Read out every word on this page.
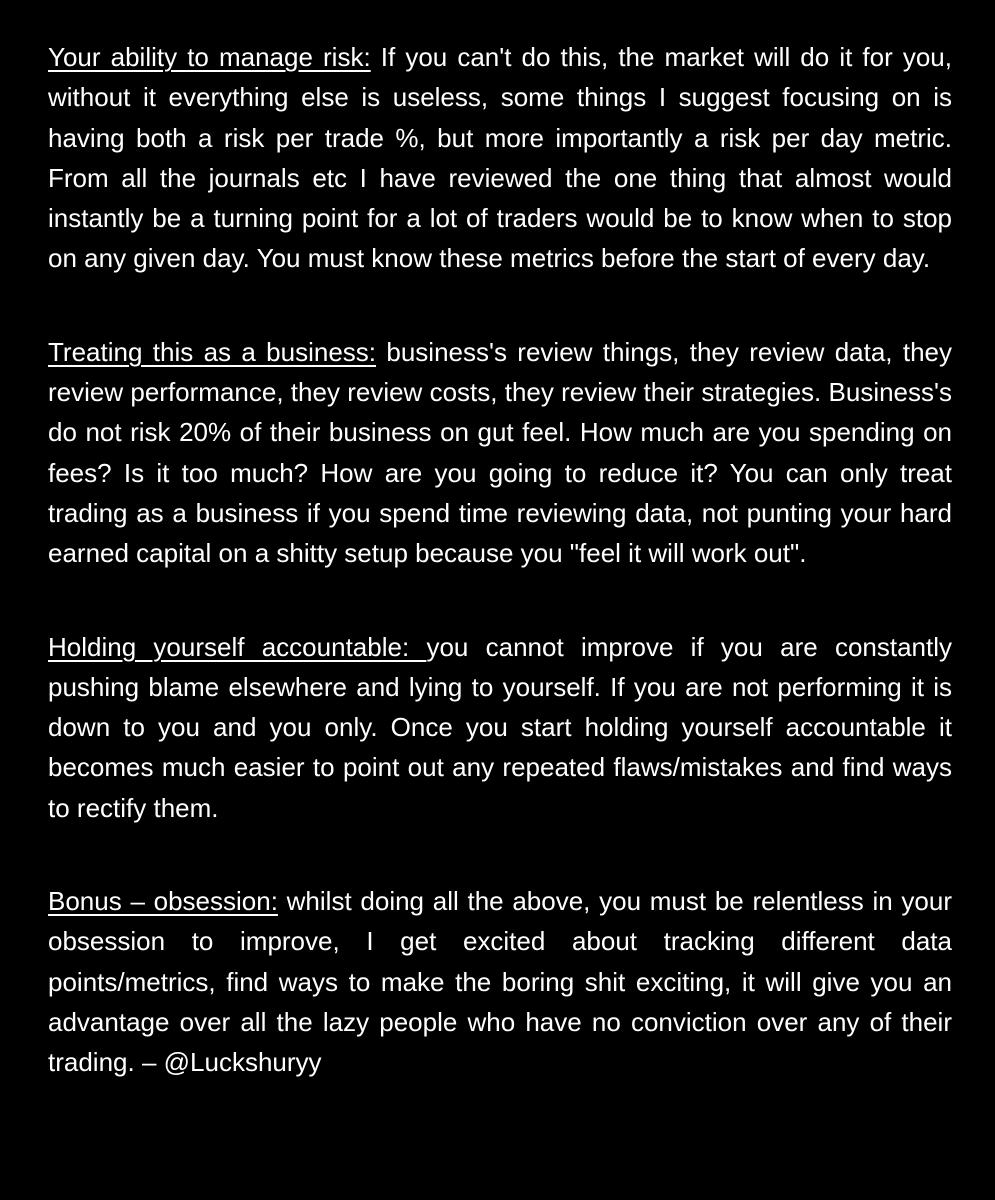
Your ability to manage risk: If you can't do this, the market will do it for you, without it everything else is useless, some things I suggest focusing on is having both a risk per trade %, but more importantly a risk per day metric. From all the journals etc I have reviewed the one thing that almost would instantly be a turning point for a lot of traders would be to know when to stop on any given day. You must know these metrics before the start of every day.

Treating this as a business: business's review things, they review data, they review performance, they review costs, they review their strategies. Business's do not risk 20% of their business on gut feel. How much are you spending on fees? Is it too much? How are you going to reduce it? You can only treat trading as a business if you spend time reviewing data, not punting your hard earned capital on a shitty setup because you "feel it will work out".

Holding yourself accountable: you cannot improve if you are constantly pushing blame elsewhere and lying to yourself. If you are not performing it is down to you and you only. Once you start holding yourself accountable it becomes much easier to point out any repeated flaws/mistakes and find ways to rectify them.

Bonus – obsession: whilst doing all the above, you must be relentless in your obsession to improve, I get excited about tracking different data points/metrics, find ways to make the boring shit exciting, it will give you an advantage over all the lazy people who have no conviction over any of their trading. – @Luckshuryy
